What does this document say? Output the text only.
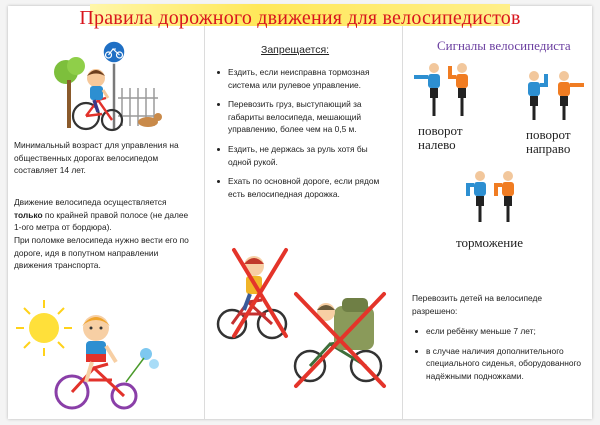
Правила дорожного движения для велосипедистов
Минимальный возраст для управления на общественных дорогах велосипедом составляет 14 лет.
Движение велосипеда осуществляется только по крайней правой полосе (не далее 1-ого метра от бордюра).
При поломке велосипеда нужно вести его по дороге, идя в попутном направлении движения транспорта.
Запрещается:
Ездить, если неисправна тормозная система или рулевое управление.
Перевозить груз, выступающий за габариты велосипеда, мешающий управлению, более чем на 0,5 м.
Ездить, не держась за руль хотя бы одной рукой.
Ехать по основной дороге, если рядом есть велосипедная дорожка.
Сигналы велосипедиста
поворот налево
поворот направо
торможение
Перевозить детей на велосипеде разрешено:
если ребёнку меньше 7 лет;
в случае наличия дополнительного специального сиденья, оборудованного надёжными подножками.
